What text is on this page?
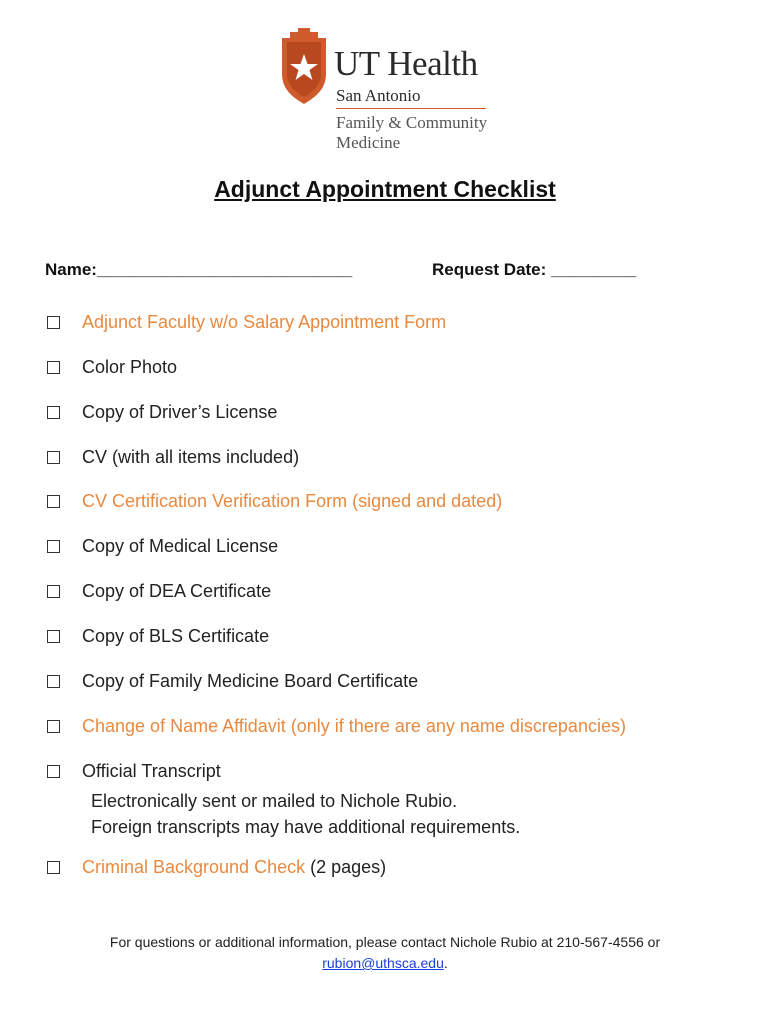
UT Health
San Antonio
Family & Community
Medicine
Adjunct Appointment Checklist
Name:___________________________	Request Date: _________
Adjunct Faculty w/o Salary Appointment Form
Color Photo
Copy of Driver’s License
CV (with all items included)
CV Certification Verification Form (signed and dated)
Copy of Medical License
Copy of DEA Certificate
Copy of BLS Certificate
Copy of Family Medicine Board Certificate
Change of Name Affidavit (only if there are any name discrepancies)
Official Transcript
Electronically sent or mailed to Nichole Rubio.
Foreign transcripts may have additional requirements.
Criminal Background Check (2 pages)
For questions or additional information, please contact Nichole Rubio at 210-567-4556 or
rubion@uthsca.edu.
